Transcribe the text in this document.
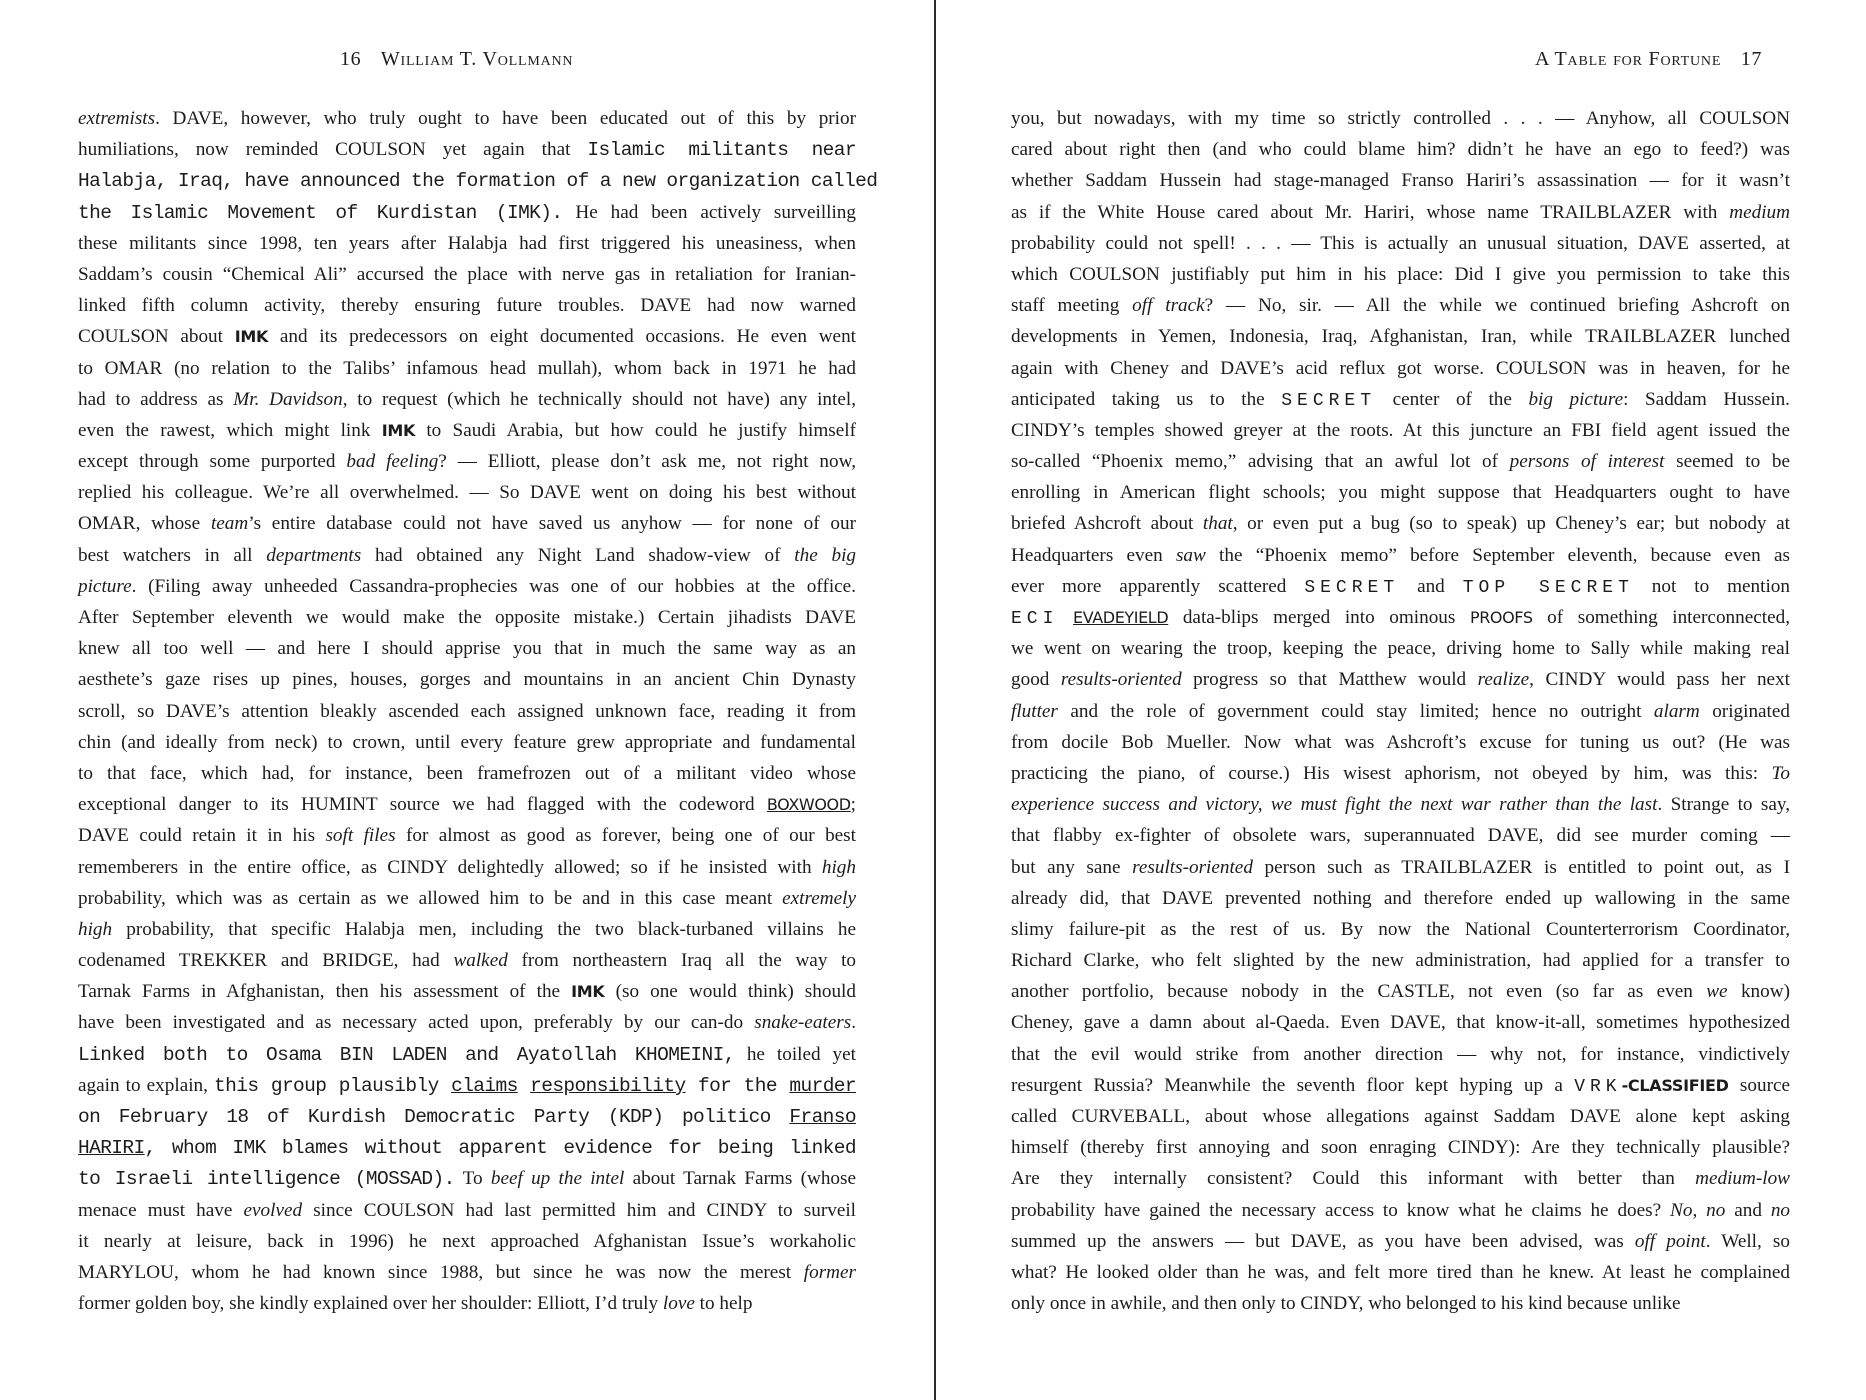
16 William T. Vollmann
extremists. DAVE, however, who truly ought to have been educated out of this by prior
humiliations, now reminded COULSON yet again that Islamic militants near
Halabja, Iraq, have announced the formation of a new organization called
the Islamic Movement of Kurdistan (IMK). He had been actively surveilling
these militants since 1998, ten years after Halabja had first triggered his uneasiness, when
Saddam’s cousin “Chemical Ali” accursed the place with nerve gas in retaliation for Iranian-
linked fifth column activity, thereby ensuring future troubles. DAVE had now warned
COULSON about IMK and its predecessors on eight documented occasions. He even went
to OMAR (no relation to the Talibs’ infamous head mullah), whom back in 1971 he had
had to address as Mr. Davidson, to request (which he technically should not have) any intel,
even the rawest, which might link IMK to Saudi Arabia, but how could he justify himself
except through some purported bad feeling? — Elliott, please don’t ask me, not right now,
replied his colleague. We’re all overwhelmed. — So DAVE went on doing his best without
OMAR, whose team’s entire database could not have saved us anyhow — for none of our
best watchers in all departments had obtained any Night Land shadow-view of the big
picture. (Filing away unheeded Cassandra-prophecies was one of our hobbies at the office.
After September eleventh we would make the opposite mistake.) Certain jihadists DAVE
knew all too well — and here I should apprise you that in much the same way as an
aesthete’s gaze rises up pines, houses, gorges and mountains in an ancient Chin Dynasty
scroll, so DAVE’s attention bleakly ascended each assigned unknown face, reading it from
chin (and ideally from neck) to crown, until every feature grew appropriate and fundamental
to that face, which had, for instance, been framefrozen out of a militant video whose
exceptional danger to its HUMINT source we had flagged with the codeword BOXWOOD;
DAVE could retain it in his soft files for almost as good as forever, being one of our best
rememberers in the entire office, as CINDY delightedly allowed; so if he insisted with high
probability, which was as certain as we allowed him to be and in this case meant extremely
high probability, that specific Halabja men, including the two black-turbaned villains he
codenamed TREKKER and BRIDGE, had walked from northeastern Iraq all the way to
Tarnak Farms in Afghanistan, then his assessment of the IMK (so one would think) should
have been investigated and as necessary acted upon, preferably by our can-do snake-eaters.
Linked both to Osama BIN LADEN and Ayatollah KHOMEINI, he toiled yet
again to explain, this group plausibly claims responsibility for the murder
on February 18 of Kurdish Democratic Party (KDP) politico Franso
HARIRI, whom IMK blames without apparent evidence for being linked
to Israeli intelligence (MOSSAD). To beef up the intel about Tarnak Farms (whose
menace must have evolved since COULSON had last permitted him and CINDY to surveil
it nearly at leisure, back in 1996) he next approached Afghanistan Issue’s workaholic
MARYLOU, whom he had known since 1988, but since he was now the merest former
former golden boy, she kindly explained over her shoulder: Elliott, I’d truly love to help
A Table for Fortune 17
you, but nowadays, with my time so strictly controlled . . . — Anyhow, all COULSON
cared about right then (and who could blame him? didn’t he have an ego to feed?) was
whether Saddam Hussein had stage-managed Franso Hariri’s assassination — for it wasn’t
as if the White House cared about Mr. Hariri, whose name TRAILBLAZER with medium
probability could not spell! . . . — This is actually an unusual situation, DAVE asserted, at
which COULSON justifiably put him in his place: Did I give you permission to take this
staff meeting off track? — No, sir. — All the while we continued briefing Ashcroft on
developments in Yemen, Indonesia, Iraq, Afghanistan, Iran, while TRAILBLAZER lunched
again with Cheney and DAVE’s acid reflux got worse. COULSON was in heaven, for he
anticipated taking us to the SECRET center of the big picture: Saddam Hussein.
CINDY’s temples showed greyer at the roots. At this juncture an FBI field agent issued the
so-called “Phoenix memo,” advising that an awful lot of persons of interest seemed to be
enrolling in American flight schools; you might suppose that Headquarters ought to have
briefed Ashcroft about that, or even put a bug (so to speak) up Cheney’s ear; but nobody at
Headquarters even saw the “Phoenix memo” before September eleventh, because even as
ever more apparently scattered SECRET and TOP SECRET not to mention
ECI EVADEYIELD data-blips merged into ominous PROOFS of something interconnected,
we went on wearing the troop, keeping the peace, driving home to Sally while making real
good results-oriented progress so that Matthew would realize, CINDY would pass her next
flutter and the role of government could stay limited; hence no outright alarm originated
from docile Bob Mueller. Now what was Ashcroft’s excuse for tuning us out? (He was
practicing the piano, of course.) His wisest aphorism, not obeyed by him, was this: To
experience success and victory, we must fight the next war rather than the last. Strange to say,
that flabby ex-fighter of obsolete wars, superannuated DAVE, did see murder coming —
but any sane results-oriented person such as TRAILBLAZER is entitled to point out, as I
already did, that DAVE prevented nothing and therefore ended up wallowing in the same
slimy failure-pit as the rest of us. By now the National Counterterrorism Coordinator,
Richard Clarke, who felt slighted by the new administration, had applied for a transfer to
another portfolio, because nobody in the CASTLE, not even (so far as even we know)
Cheney, gave a damn about al-Qaeda. Even DAVE, that know-it-all, sometimes hypothesized
that the evil would strike from another direction — why not, for instance, vindictively
resurgent Russia? Meanwhile the seventh floor kept hyping up a VRK-CLASSIFIED source
called CURVEBALL, about whose allegations against Saddam DAVE alone kept asking
himself (thereby first annoying and soon enraging CINDY): Are they technically plausible?
Are they internally consistent? Could this informant with better than medium-low
probability have gained the necessary access to know what he claims he does? No, no and no
summed up the answers — but DAVE, as you have been advised, was off point. Well, so
what? He looked older than he was, and felt more tired than he knew. At least he complained
only once in awhile, and then only to CINDY, who belonged to his kind because unlike
